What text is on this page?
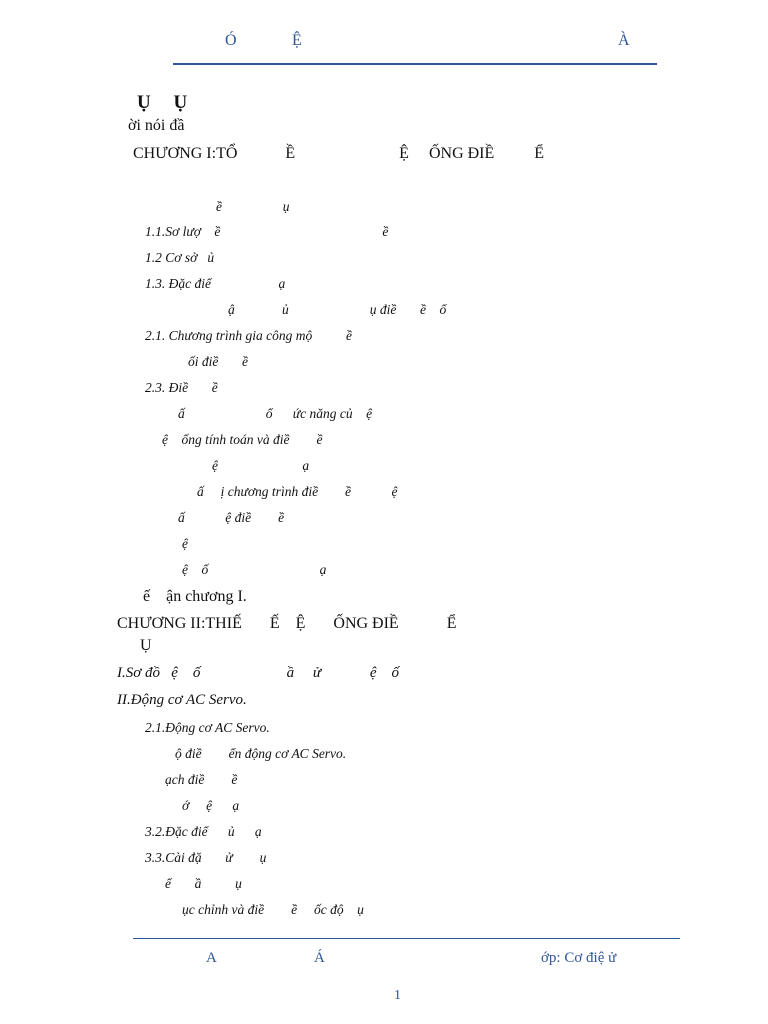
Ó	Ệ	À
Ụ Ụ
ời nói đầ
CHƯƠNG I:TỔ            Ề                          Ệ     ỐNG ĐIỀ          Ể
ề                  ụ
1.1.Sơ lượ    ề                                                ề
1.2 Cơ sở   ủ
1.3. Đặc điể                    ạ
ậ              ủ                        ụ điề       ề    ổ
2.1. Chương trình gia công mộ          ề
ối điề       ề
2.3. Điề       ề
ấ                        ổ      ức năng củ    ệ
ệ    ống tính toán và điề        ề
ệ                         ạ
ấ     ị chương trình điề        ề            ệ
ấ            ệ điề        ề
ệ
ệ    ố                                 ạ
ế    ận chương I.
CHƯƠNG II:THIẾ       Ế    Ệ       ỐNG ĐIỀ            Ể
Ụ
I.Sơ đồ   ệ    ố                       ầ     ử             ệ    ố
II.Động cơ AC Servo.
2.1.Động cơ AC Servo.
ộ điề        ển động cơ AC Servo.
ạch điề        ề
ớ     ệ      ạ
3.2.Đặc điể      ủ      ạ
3.3.Cài đặ       ử        ụ
ể       ầ          ụ
ục chỉnh và điề        ề     ốc độ    ụ
A	Á	ớp: Cơ điệ ử
1
